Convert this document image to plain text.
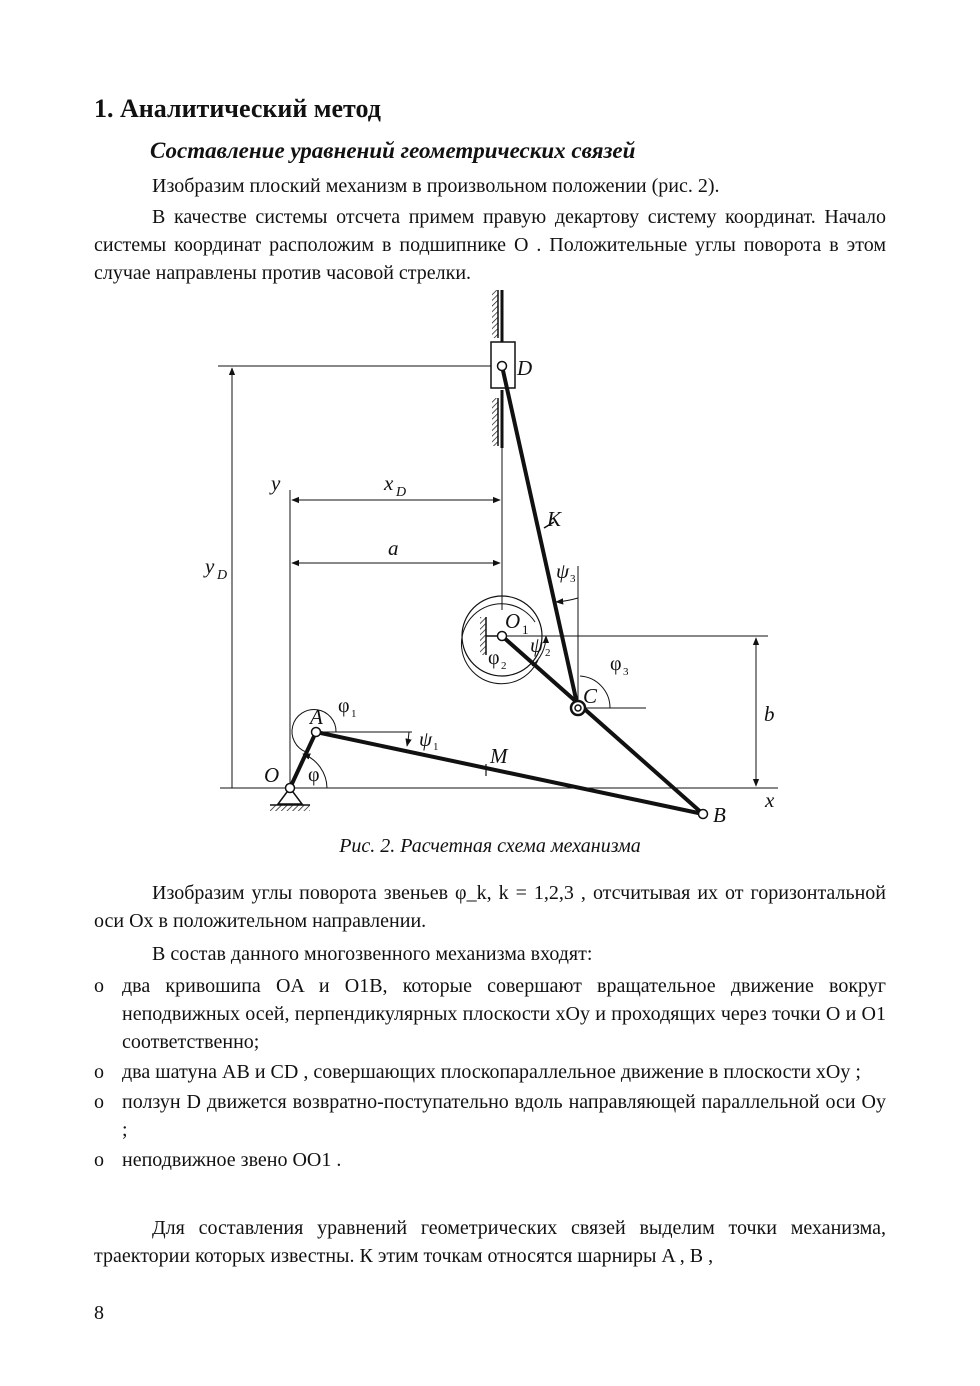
1. Аналитический метод
Составление уравнений геометрических связей
Изобразим плоский механизм в произвольном положении (рис. 2).
В качестве системы отсчета примем правую декартову систему координат. Начало системы координат расположим в подшипнике O . Положительные углы поворота в этом случае направлены против часовой стрелки.
D
K
A
O
O 1
B
C
M
x
y	x D
a
b
y D
φ
φ 1
φ 2	φ 3
ψ 1
ψ 2
ψ 3
Рис. 2. Расчетная схема механизма
Изобразим углы поворота звеньев φ_k, k = 1,2,3 , отсчитывая их от горизонтальной оси Ox в положительном направлении.
В состав данного многозвенного механизма входят:
o два кривошипа OA и O1B, которые совершают вращательное движение вокруг неподвижных осей, перпендикулярных плоскости xOy и проходящих через точки O и O1 соответственно;
o два шатуна AB и CD , совершающих плоскопараллельное движение в плоскости xOy ;
o ползун D движется возвратно-поступательно вдоль направляющей параллельной оси Oy ;
o неподвижное звено OO1 .
Для составления уравнений геометрических связей выделим точки механизма, траектории которых известны. К этим точкам относятся шарниры A , B ,
8
